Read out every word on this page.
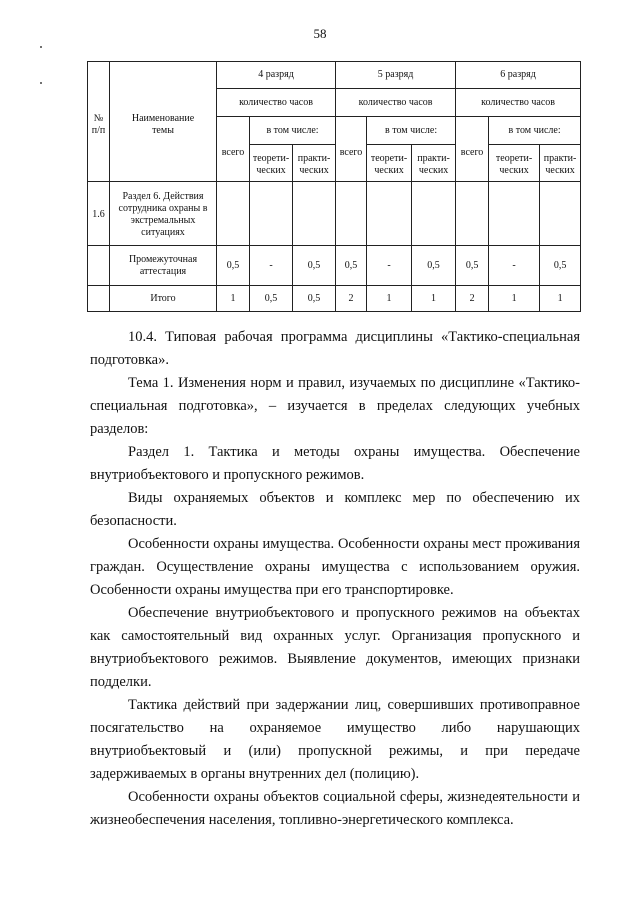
58
№ п/п	Наименование темы	4 разряд			5 разряд			6 разряд		
		количество часов			количество часов			количество часов		
		всего	в том числе:		всего	в том числе:		всего	в том числе:	
			теорети-ческих	практи-ческих		теорети-ческих	практи-ческих		теорети-ческих	практи-ческих
1.6	Раздел 6. Действия сотрудника охраны в экстремальных ситуациях									
	Промежуточная аттестация	0,5	-	0,5	0,5	-	0,5	0,5	-	0,5
	Итого	1	0,5	0,5	2	1	1	2	1	1

10.4. Типовая рабочая программа дисциплины «Тактико-специальная подготовка».

Тема 1. Изменения норм и правил, изучаемых по дисциплине «Тактико-специальная подготовка», – изучается в пределах следующих учебных разделов:

Раздел 1. Тактика и методы охраны имущества. Обеспечение внутриобъектового и пропускного режимов.

Виды охраняемых объектов и комплекс мер по обеспечению их безопасности.

Особенности охраны имущества. Особенности охраны мест проживания граждан. Осуществление охраны имущества с использованием оружия. Особенности охраны имущества при его транспортировке.

Обеспечение внутриобъектового и пропускного режимов на объектах как самостоятельный вид охранных услуг. Организация пропускного и внутриобъектового режимов. Выявление документов, имеющих признаки подделки.

Тактика действий при задержании лиц, совершивших противоправное посягательство на охраняемое имущество либо нарушающих внутриобъектовый и (или) пропускной режимы, и при передаче задерживаемых в органы внутренних дел (полицию).

Особенности охраны объектов социальной сферы, жизнедеятельности и жизнеобеспечения населения, топливно-энергетического комплекса.
